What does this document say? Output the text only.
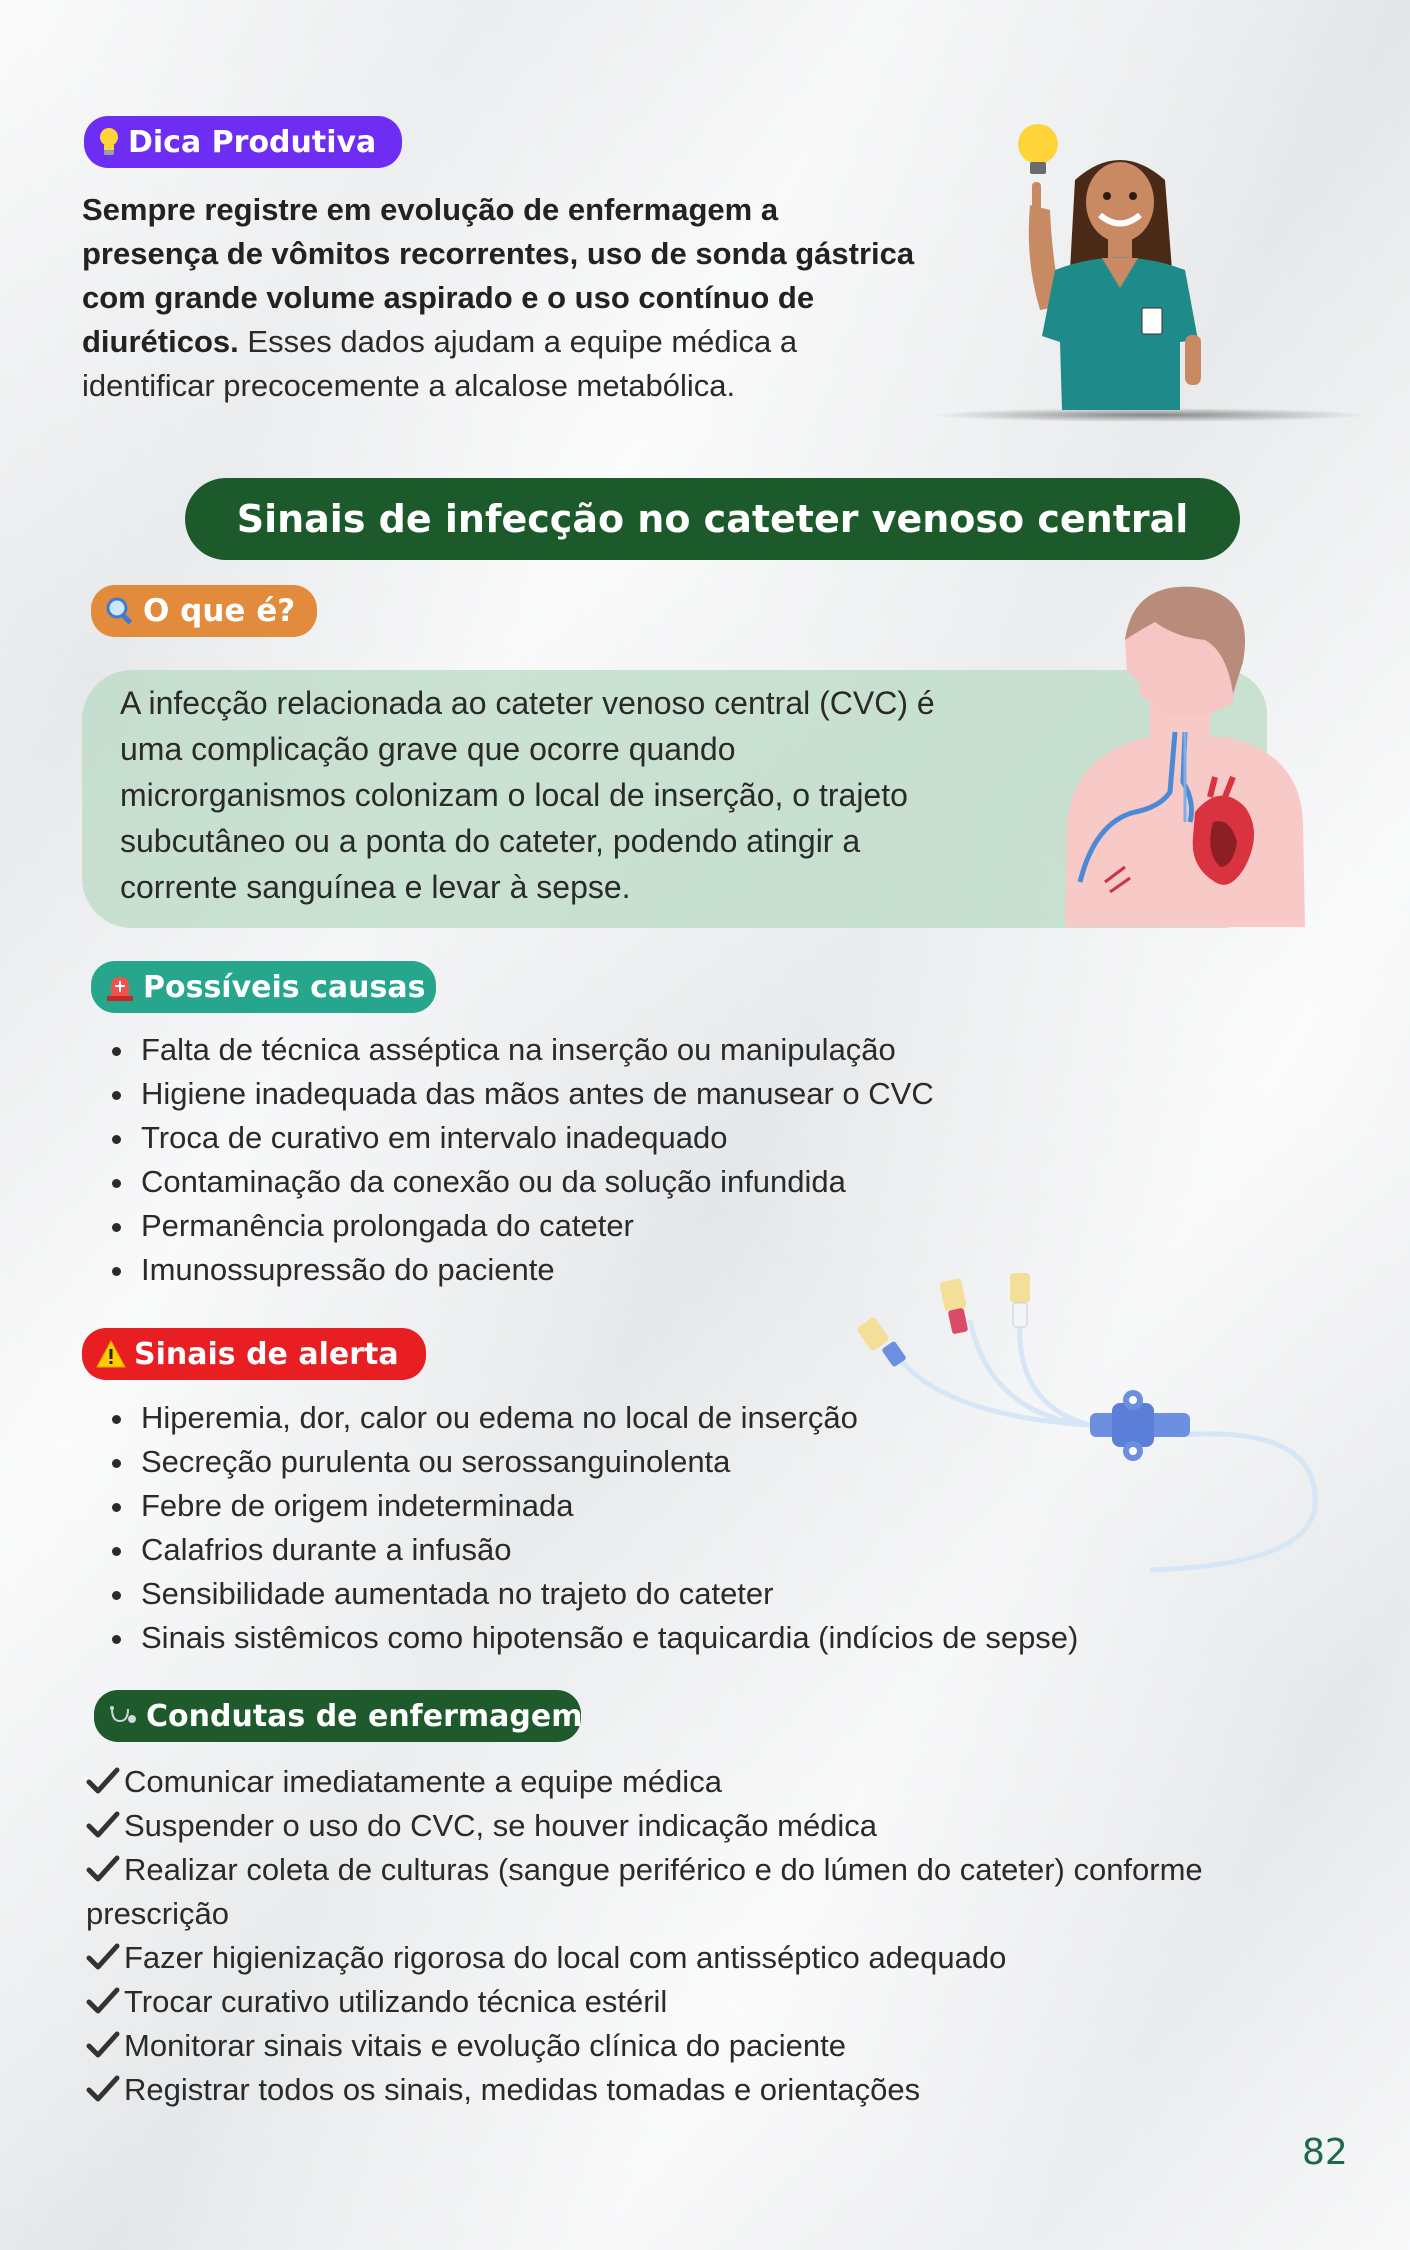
Dica Produtiva
Sempre registre em evolução de enfermagem a presença de vômitos recorrentes, uso de sonda gástrica com grande volume aspirado e o uso contínuo de diuréticos. Esses dados ajudam a equipe médica a identificar precocemente a alcalose metabólica.
Sinais de infecção no cateter venoso central
O que é?
A infecção relacionada ao cateter venoso central (CVC) é uma complicação grave que ocorre quando microrganismos colonizam o local de inserção, o trajeto subcutâneo ou a ponta do cateter, podendo atingir a corrente sanguínea e levar à sepse.
Possíveis causas
• Falta de técnica asséptica na inserção ou manipulação
• Higiene inadequada das mãos antes de manusear o CVC
• Troca de curativo em intervalo inadequado
• Contaminação da conexão ou da solução infundida
• Permanência prolongada do cateter
• Imunossupressão do paciente
Sinais de alerta
• Hiperemia, dor, calor ou edema no local de inserção
• Secreção purulenta ou serossanguinolenta
• Febre de origem indeterminada
• Calafrios durante a infusão
• Sensibilidade aumentada no trajeto do cateter
• Sinais sistêmicos como hipotensão e taquicardia (indícios de sepse)
Condutas de enfermagem
Comunicar imediatamente a equipe médica
Suspender o uso do CVC, se houver indicação médica
Realizar coleta de culturas (sangue periférico e do lúmen do cateter) conforme prescrição
Fazer higienização rigorosa do local com antisséptico adequado
Trocar curativo utilizando técnica estéril
Monitorar sinais vitais e evolução clínica do paciente
Registrar todos os sinais, medidas tomadas e orientações
82
